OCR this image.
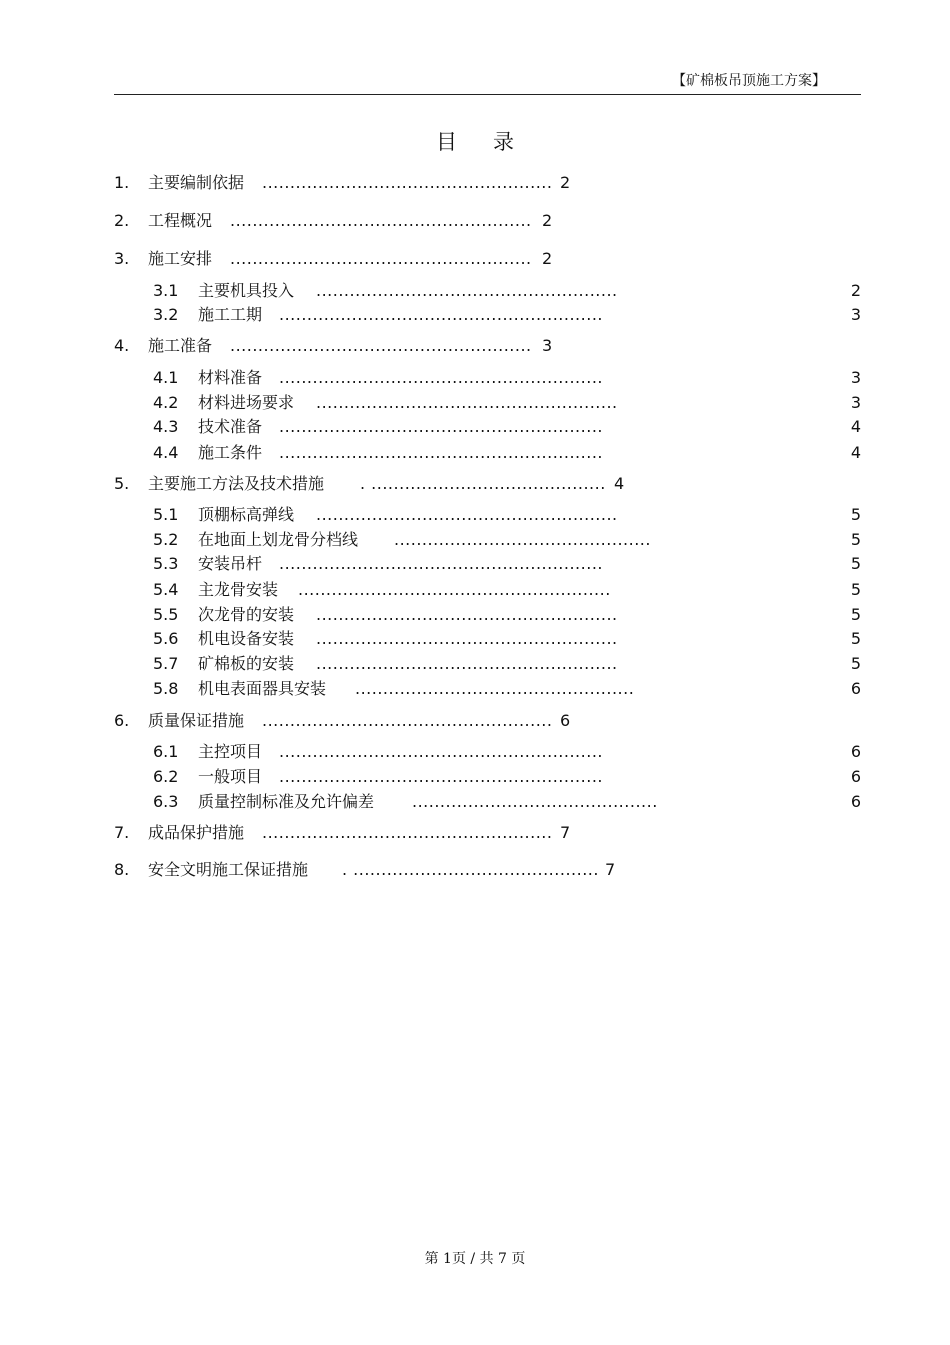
【矿棉板吊顶施工方案】
目 录
1. 主要编制依据 .................................................... 2
2. 工程概况 ...................................................... 2
3. 施工安排 ...................................................... 2
3.1 主要机具投入 ......................................................	2
3.2 施工工期 ..........................................................	3
4. 施工准备 ...................................................... 3
4.1 材料准备 ..........................................................	3
4.2 材料进场要求 ......................................................	3
4.3 技术准备 ..........................................................	4
4.4 施工条件 ..........................................................	4
5. 主要施工方法及技术措施 . .......................................... 4
5.1 顶棚标高弹线 ......................................................	5
5.2 在地面上划龙骨分档线 ..............................................	5
5.3 安装吊杆 ..........................................................	5
5.4 主龙骨安装 ........................................................	5
5.5 次龙骨的安装 ......................................................	5
5.6 机电设备安装 ......................................................	5
5.7 矿棉板的安装 ......................................................	5
5.8 机电表面器具安装 ..................................................	6
6. 质量保证措施 .................................................... 6
6.1 主控项目 ..........................................................	6
6.2 一般项目 ..........................................................	6
6.3 质量控制标准及允许偏差 ............................................	6
7. 成品保护措施 .................................................... 7
8. 安全文明施工保证措施 . ............................................ 7
第 1页 / 共 7 页
